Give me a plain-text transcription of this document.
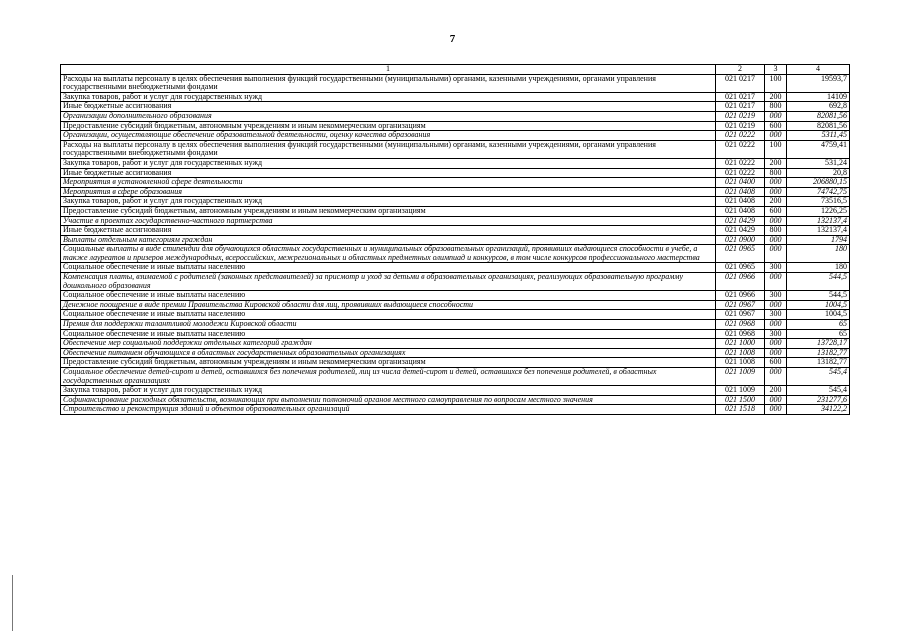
7
1	2	3	4
Расходы на выплаты персоналу в целях обеспечения выполнения функций государственными (муниципальными) органами, казенными учреждениями, органами управления государственными внебюджетными фондами	021 0217	100	19593,7
Закупка товаров, работ и услуг для государственных нужд	021 0217	200	14109
Иные бюджетные ассигнования	021 0217	800	692,8
Организации дополнительного образования	021 0219	000	82081,56
Предоставление субсидий бюджетным, автономным учреждениям и иным некоммерческим организациям	021 0219	600	82081,56
Организации, осуществляющие обеспечение образовательной деятельности, оценку качества образования	021 0222	000	5311,45
Расходы на выплаты персоналу в целях обеспечения выполнения функций государственными (муниципальными) органами, казенными учреждениями, органами управления государственными внебюджетными фондами	021 0222	100	4759,41
Закупка товаров, работ и услуг для государственных нужд	021 0222	200	531,24
Иные бюджетные ассигнования	021 0222	800	20,8
Мероприятия в установленной сфере деятельности	021 0400	000	206880,15
Мероприятия в сфере образования	021 0408	000	74742,75
Закупка товаров, работ и услуг для государственных нужд	021 0408	200	73516,5
Предоставление субсидий бюджетным, автономным учреждениям и иным некоммерческим организациям	021 0408	600	1226,25
Участие в проектах государственно-частного партнерства	021 0429	000	132137,4
Иные бюджетные ассигнования	021 0429	800	132137,4
Выплаты отдельным категориям граждан	021 0900	000	1794
Социальные выплаты в виде стипендии для обучающихся областных государственных и муниципальных образовательных организаций, проявивших выдающиеся способности в учебе, а также лауреатов и призеров международных, всероссийских, межрегиональных и областных предметных олимпиад и конкурсов, в том числе конкурсов профессионального мастерства	021 0965	000	180
Социальное обеспечение и иные выплаты населению	021 0965	300	180
Компенсация платы, взимаемой с родителей (законных представителей) за присмотр и уход за детьми в образовательных организациях, реализующих образовательную программу дошкольного образования	021 0966	000	544,5
Социальное обеспечение и иные выплаты населению	021 0966	300	544,5
Денежное поощрение в виде премии Правительства Кировской области для лиц, проявивших выдающиеся способности	021 0967	000	1004,5
Социальное обеспечение и иные выплаты населению	021 0967	300	1004,5
Премия для поддержки талантливой молодежи Кировской области	021 0968	000	65
Социальное обеспечение и иные выплаты населению	021 0968	300	65
Обеспечение мер социальной поддержки отдельных категорий граждан	021 1000	000	13728,17
Обеспечение питанием обучающихся в областных государственных образовательных организациях	021 1008	000	13182,77
Предоставление субсидий бюджетным, автономным учреждениям и иным некоммерческим организациям	021 1008	600	13182,77
Социальное обеспечение детей-сирот и детей, оставшихся без попечения родителей, лиц из числа детей-сирот и детей, оставшихся без попечения родителей, в областных государственных организациях	021 1009	000	545,4
Закупка товаров, работ и услуг для государственных нужд	021 1009	200	545,4
Софинансирование расходных обязательств, возникающих при выполнении полномочий органов местного самоуправления по вопросам местного значения	021 1500	000	231277,6
Строительство и реконструкция зданий и объектов образовательных организаций	021 1518	000	34122,2
